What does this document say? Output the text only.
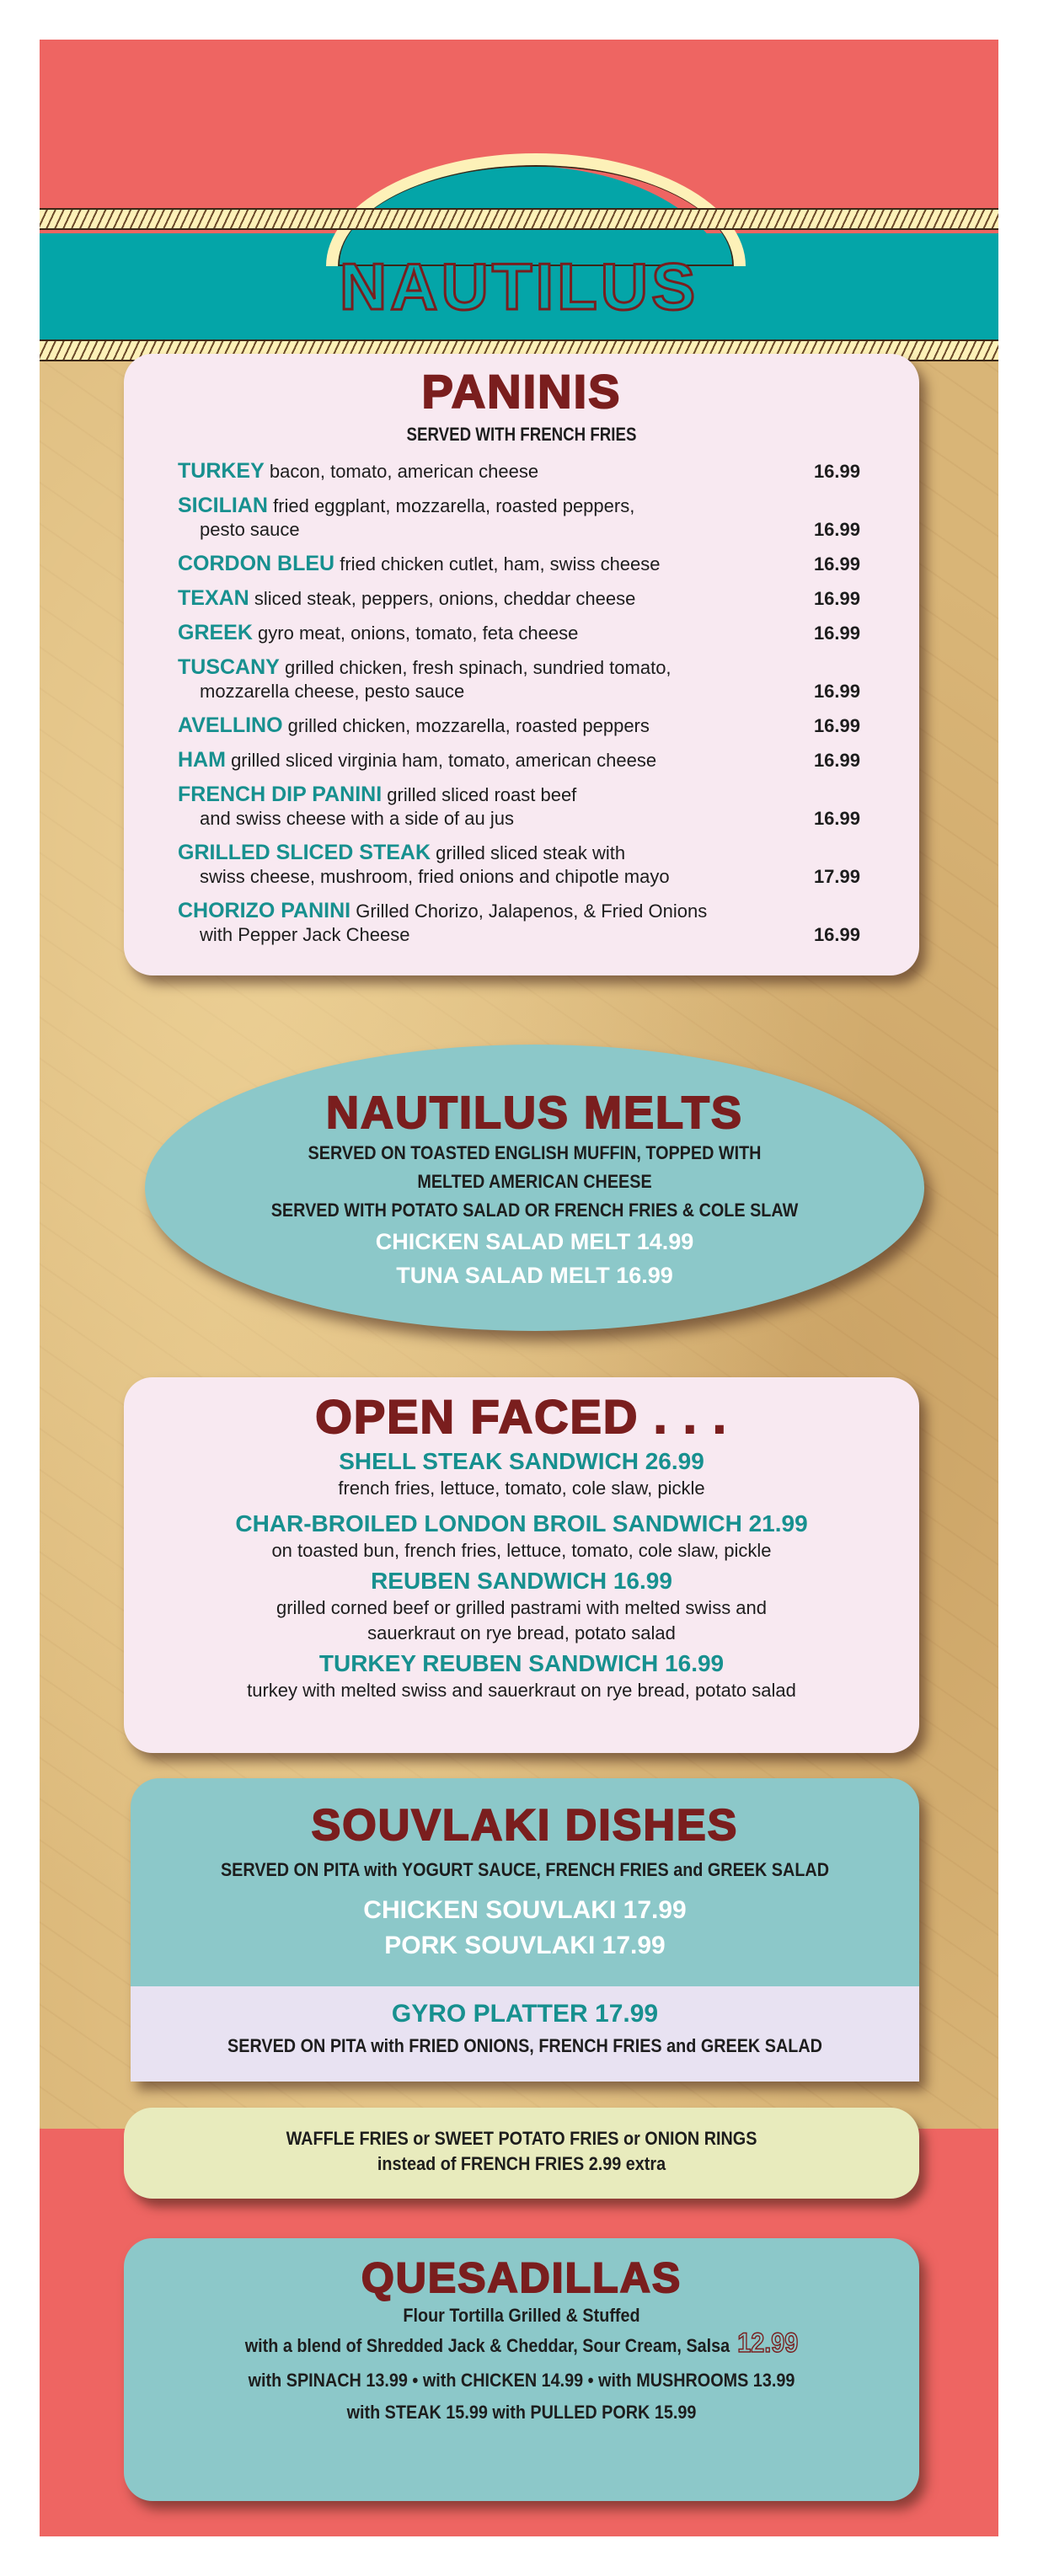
NAUTILUS
PANINIS
SERVED WITH FRENCH FRIES
TURKEY bacon, tomato, american cheese	16.99
SICILIAN fried eggplant, mozzarella, roasted peppers,
pesto sauce	16.99
CORDON BLEU fried chicken cutlet, ham, swiss cheese	16.99
TEXAN sliced steak, peppers, onions, cheddar cheese	16.99
GREEK gyro meat, onions, tomato, feta cheese	16.99
TUSCANY grilled chicken, fresh spinach, sundried tomato,
mozzarella cheese, pesto sauce	16.99
AVELLINO grilled chicken, mozzarella, roasted peppers	16.99
HAM grilled sliced virginia ham, tomato, american cheese	16.99
FRENCH DIP PANINI grilled sliced roast beef
and swiss cheese with a side of au jus	16.99
GRILLED SLICED STEAK grilled sliced steak with
swiss cheese, mushroom, fried onions and chipotle mayo	17.99
CHORIZO PANINI Grilled Chorizo, Jalapenos, & Fried Onions
with Pepper Jack Cheese	16.99
NAUTILUS MELTS
SERVED ON TOASTED ENGLISH MUFFIN, TOPPED WITH
MELTED AMERICAN CHEESE
SERVED WITH POTATO SALAD OR FRENCH FRIES & COLE SLAW
CHICKEN SALAD MELT 14.99
TUNA SALAD MELT 16.99
OPEN FACED . . .
SHELL STEAK SANDWICH 26.99
french fries, lettuce, tomato, cole slaw, pickle
CHAR-BROILED LONDON BROIL SANDWICH 21.99
on toasted bun, french fries, lettuce, tomato, cole slaw, pickle
REUBEN SANDWICH 16.99
grilled corned beef or grilled pastrami with melted swiss and
sauerkraut on rye bread, potato salad
TURKEY REUBEN SANDWICH 16.99
turkey with melted swiss and sauerkraut on rye bread, potato salad
SOUVLAKI DISHES
SERVED ON PITA with YOGURT SAUCE, FRENCH FRIES and GREEK SALAD
CHICKEN SOUVLAKI 17.99
PORK SOUVLAKI 17.99
GYRO PLATTER 17.99
SERVED ON PITA with FRIED ONIONS, FRENCH FRIES and GREEK SALAD
WAFFLE FRIES or SWEET POTATO FRIES or ONION RINGS
instead of FRENCH FRIES 2.99 extra
QUESADILLAS
Flour Tortilla Grilled & Stuffed
with a blend of Shredded Jack & Cheddar, Sour Cream, Salsa 12.99
with SPINACH 13.99 • with CHICKEN 14.99 • with MUSHROOMS 13.99
with STEAK 15.99 with PULLED PORK 15.99
